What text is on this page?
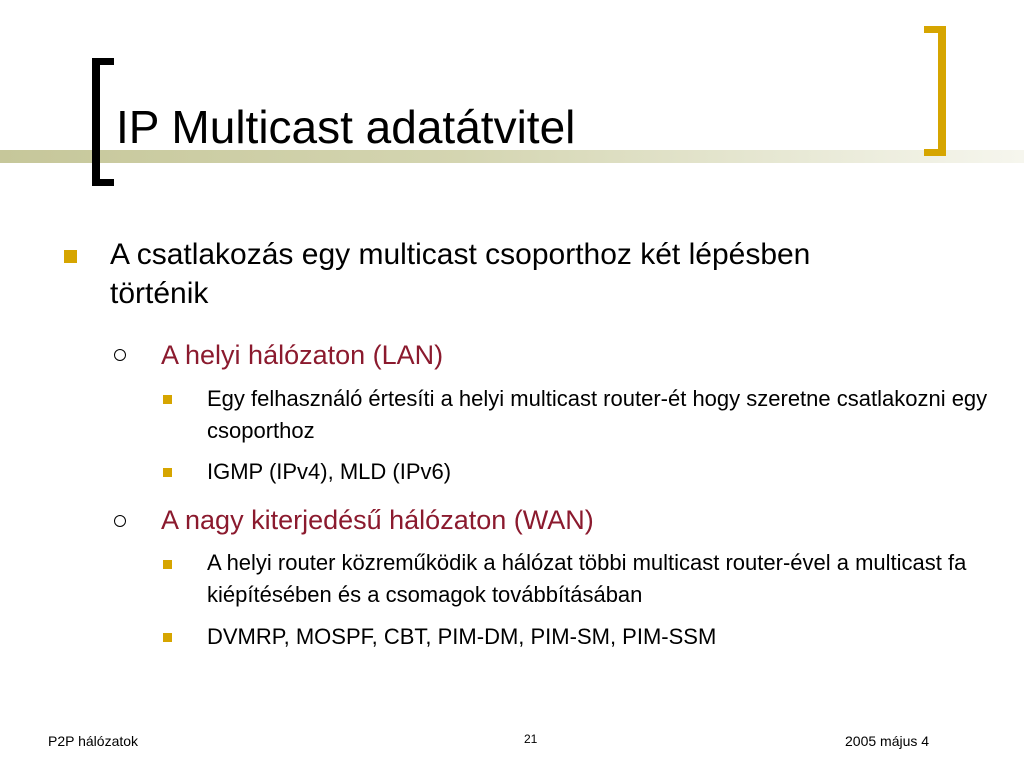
IP Multicast adatátvitel
A csatlakozás egy multicast csoporthoz két lépésben történik
A helyi hálózaton (LAN)
Egy felhasználó értesíti a helyi multicast router-ét hogy szeretne csatlakozni egy csoporthoz
IGMP (IPv4), MLD (IPv6)
A nagy kiterjedésű hálózaton (WAN)
A helyi router közreműködik a hálózat többi multicast router-ével a multicast fa kiépítésében és a csomagok továbbításában
DVMRP, MOSPF, CBT, PIM-DM, PIM-SM, PIM-SSM
P2P hálózatok	21	2005 május 4
